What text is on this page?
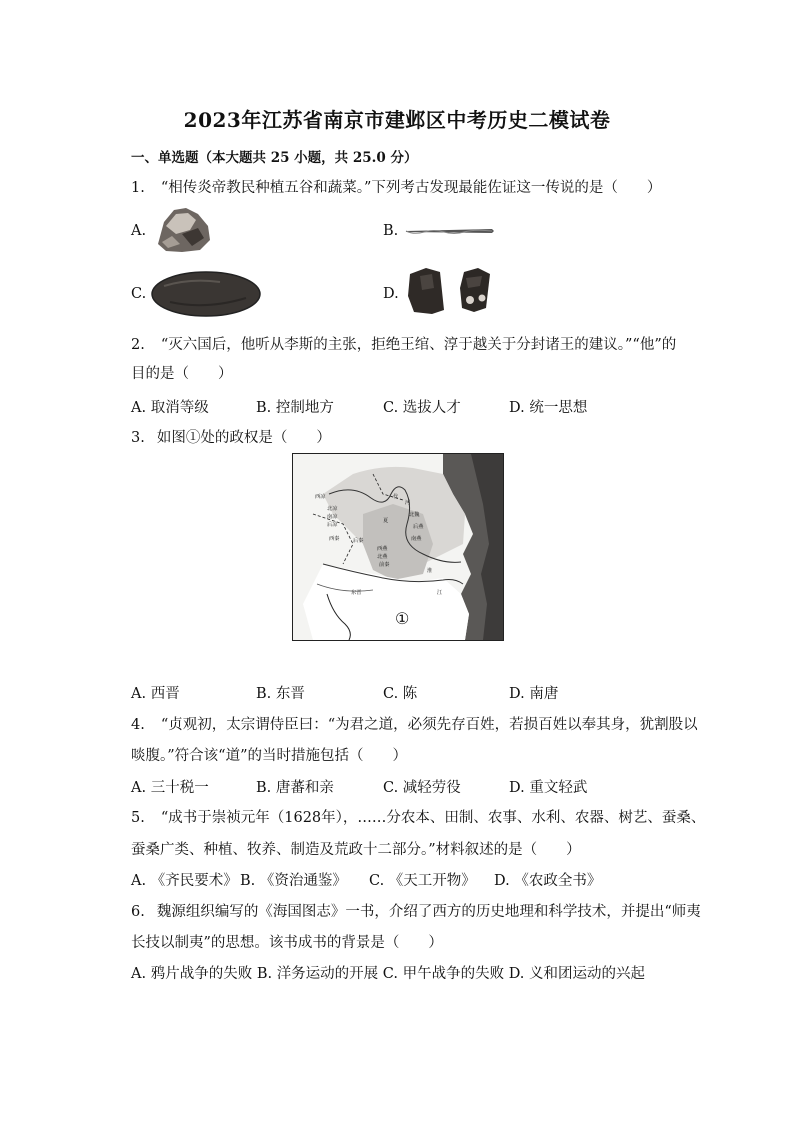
2023年江苏省南京市建邺区中考历史二模试卷
一、单选题（本大题共 25 小题，共 25.0 分）
1. “相传炎帝教民种植五谷和蔬菜。”下列考古发现最能佐证这一传说的是（　　）
A.	B.
C.	D.
2. “灭六国后，他听从李斯的主张，拒绝王绾、淳于越关于分封诸王的建议。”“他”的
目的是（　　）
A. 取消等级	B. 控制地方	C. 选拔人才	D. 统一思想
3. 如图①处的政权是（　　）
西凉
北凉
南凉
后凉
西秦	后秦
夏
北魏
后燕
南燕
东晋
代
西燕
北燕
前秦
河
淮
江
①
A. 西晋	B. 东晋	C. 陈	D. 南唐
4. “贞观初，太宗谓侍臣曰：“为君之道，必须先存百姓，若损百姓以奉其身，犹割股以
啖腹。”符合该“道”的当时措施包括（　　）
A. 三十税一	B. 唐蕃和亲	C. 减轻劳役	D. 重文轻武
5. “成书于崇祯元年（1628年），……分农本、田制、农事、水利、农器、树艺、蚕桑、
蚕桑广类、种植、牧养、制造及荒政十二部分。”材料叙述的是（　　）
A. 《齐民要术》 B. 《资治通鉴》 C. 《天工开物》 D. 《农政全书》
6. 魏源组织编写的《海国图志》一书，介绍了西方的历史地理和科学技术，并提出“师夷
长技以制夷”的思想。该书成书的背景是（　　）
A. 鸦片战争的失败 B. 洋务运动的开展 C. 甲午战争的失败 D. 义和团运动的兴起
